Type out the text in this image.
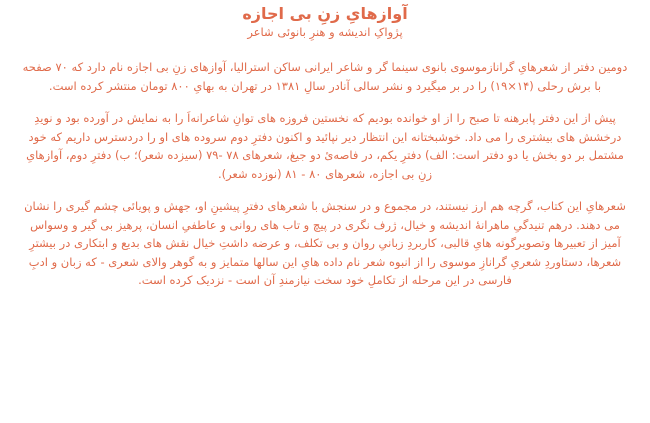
آوازهایِ زنِ بی اجازه
پژواکِ اندیشه و هنرِ بانوئی شاعر

دومین دفتر از شعرهایِ گرانازموسوی بانوی سینما گر و شاعر ایرانی ساکن استرالیا، آوازهای زنِ بی اجازه نام دارد که ۷۰ صفحه با برش رحلی (۱۴×۱۹) را در بر میگیرد و نشر سالی آنادر سالِ ۱۳۸۱ در تهران به بهایِ ۸۰۰ تومان منتشر کرده است.

پیش از این دفتر پابرهنه تا صبح را از او خوانده بودیم که نخستین فروزه های توانِ شاعرانه‌اَ را به نمایش در آورده بود و نویدِ درخشش های بیشتری را می داد. خوشبختانه این انتظار دیر نپائید و اکنون دفترِ دوم سروده های او را دردسترس داریم که خود مشتمل بر دو بخش یا دو دفتر است: الف) دفترِ یکم، در فاصه‌یٔ دو جیغ، شعرهای ۷۸ -۷۹ (سیزده شعر)؛ ب) دفترِ دوم، آوازهایِ زنِ بی اجازه، شعرهای ۸۰ - ۸۱ (نوزده شعر).

شعرهایِ این کتاب، گرچه هم ارز نیستند، در مجموع و در سنجش با شعرهای دفترِ پیشینِ او، جهش و پویائی چشم گیری را نشان می دهند. درهم تنیدگیِ ماهرانهٔ اندیشه و خیال، ژرف نگری در پیچ و تاب های روانی و عاطفیِ انسان، پرهیز بی گیر و وسواس آمیز از تعبیرها وتصویرگونه هایِ قالبی، کاربردِ زبانیِ روان و بی تکلف، و عرضه داشتِ خیال نقش های بدیع و ابتکاری در بیشترِ شعرها، دستاوردِ شعریِ گرانازِ موسوی را از انبوه شعر نام داده هایِ این سالها متمایز و به گوهر والای شعری - که زبان و ادبِ فارسی در این مرحله از تکاملِ خود سخت نیازمندِ آن است - نزدیک کرده است.
